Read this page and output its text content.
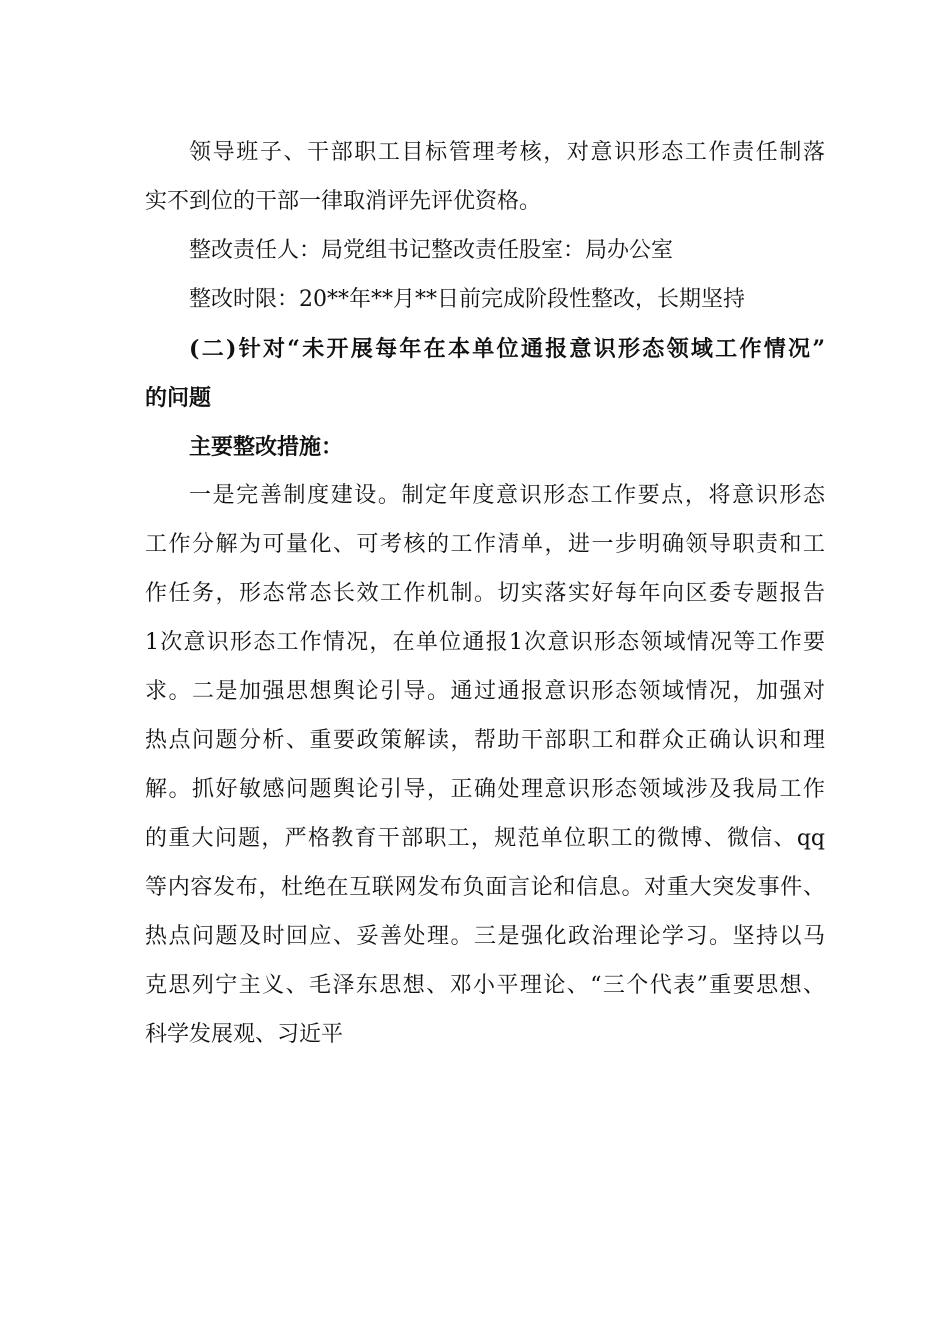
领导班子、干部职工目标管理考核，对意识形态工作责任制落
实不到位的干部一律取消评先评优资格。
整改责任人：局党组书记整改责任股室：局办公室
整改时限：20**年**月**日前完成阶段性整改，长期坚持
(二)针对“未开展每年在本单位通报意识形态领域工作情况”
的问题
主要整改措施：
一是完善制度建设。制定年度意识形态工作要点，将意识形态
工作分解为可量化、可考核的工作清单，进一步明确领导职责和工
作任务，形态常态长效工作机制。切实落实好每年向区委专题报告
1次意识形态工作情况，在单位通报1次意识形态领域情况等工作要
求。二是加强思想舆论引导。通过通报意识形态领域情况，加强对
热点问题分析、重要政策解读，帮助干部职工和群众正确认识和理
解。抓好敏感问题舆论引导，正确处理意识形态领域涉及我局工作
的重大问题，严格教育干部职工，规范单位职工的微博、微信、qq
等内容发布，杜绝在互联网发布负面言论和信息。对重大突发事件、
热点问题及时回应、妥善处理。三是强化政治理论学习。坚持以马
克思列宁主义、毛泽东思想、邓小平理论、“三个代表”重要思想、
科学发展观、习近平
